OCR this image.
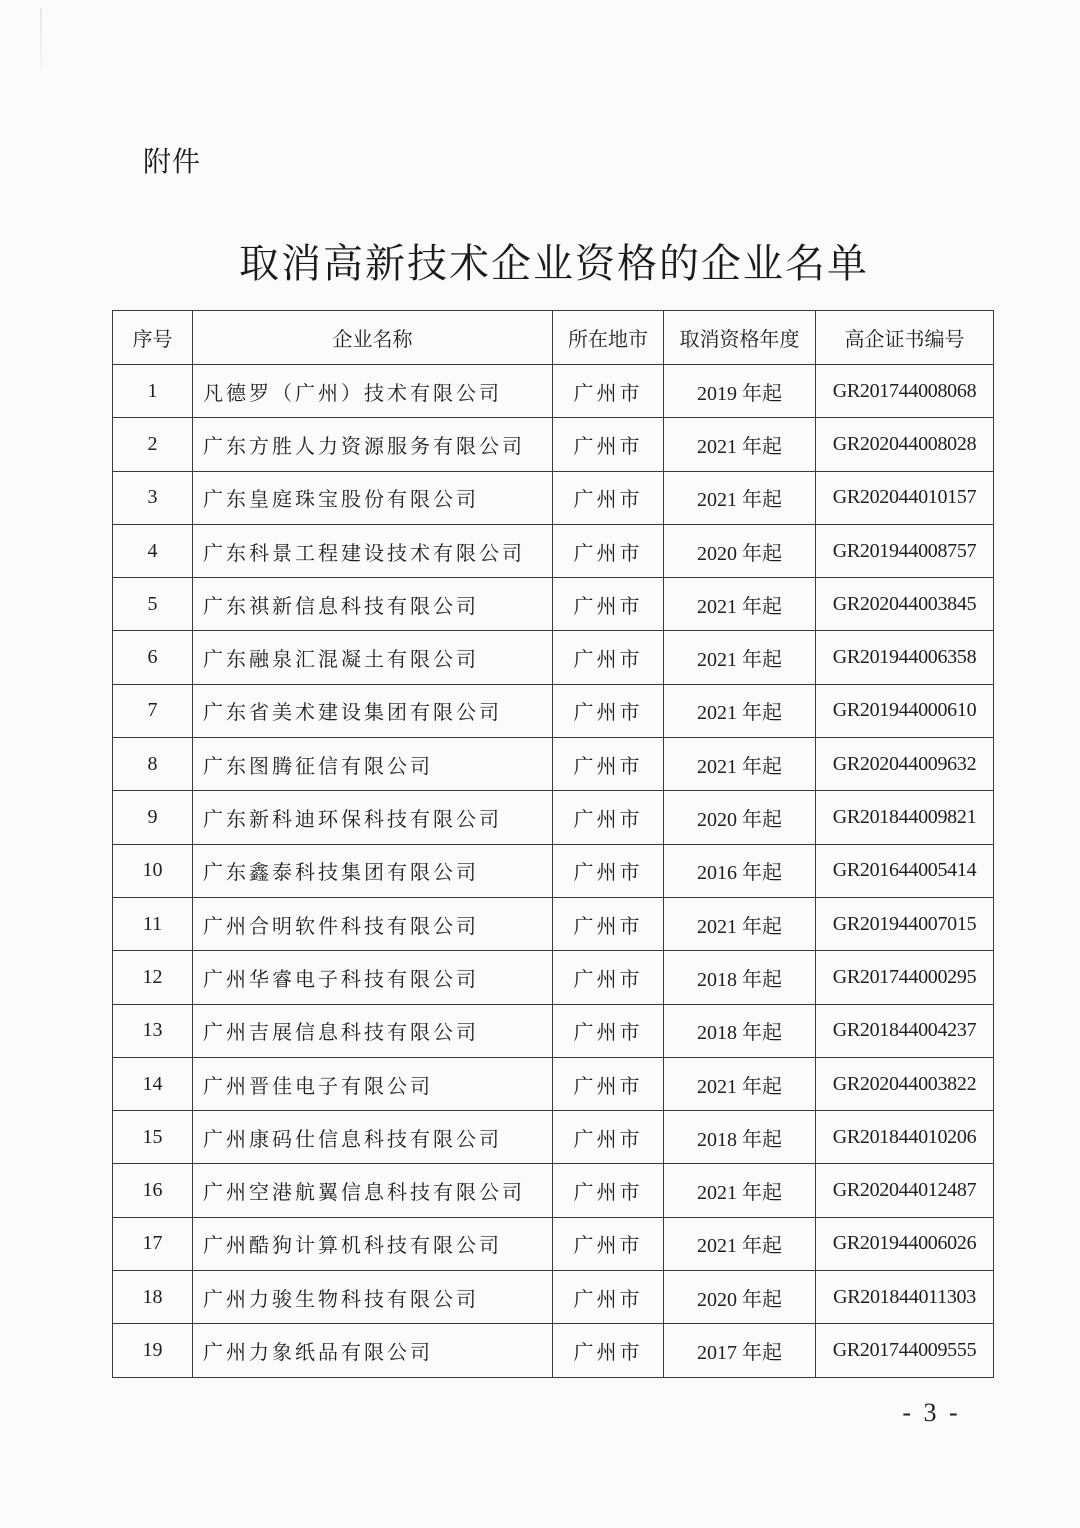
附件
取消高新技术企业资格的企业名单
序号	企业名称	所在地市	取消资格年度	高企证书编号
1	凡德罗（广州）技术有限公司	广州市	2019 年起	GR201744008068
2	广东方胜人力资源服务有限公司	广州市	2021 年起	GR202044008028
3	广东皇庭珠宝股份有限公司	广州市	2021 年起	GR202044010157
4	广东科景工程建设技术有限公司	广州市	2020 年起	GR201944008757
5	广东祺新信息科技有限公司	广州市	2021 年起	GR202044003845
6	广东融泉汇混凝土有限公司	广州市	2021 年起	GR201944006358
7	广东省美术建设集团有限公司	广州市	2021 年起	GR201944000610
8	广东图腾征信有限公司	广州市	2021 年起	GR202044009632
9	广东新科迪环保科技有限公司	广州市	2020 年起	GR201844009821
10	广东鑫泰科技集团有限公司	广州市	2016 年起	GR201644005414
11	广州合明软件科技有限公司	广州市	2021 年起	GR201944007015
12	广州华睿电子科技有限公司	广州市	2018 年起	GR201744000295
13	广州吉展信息科技有限公司	广州市	2018 年起	GR201844004237
14	广州晋佳电子有限公司	广州市	2021 年起	GR202044003822
15	广州康码仕信息科技有限公司	广州市	2018 年起	GR201844010206
16	广州空港航翼信息科技有限公司	广州市	2021 年起	GR202044012487
17	广州酷狗计算机科技有限公司	广州市	2021 年起	GR201944006026
18	广州力骏生物科技有限公司	广州市	2020 年起	GR201844011303
19	广州力象纸品有限公司	广州市	2017 年起	GR201744009555
- 3 -
